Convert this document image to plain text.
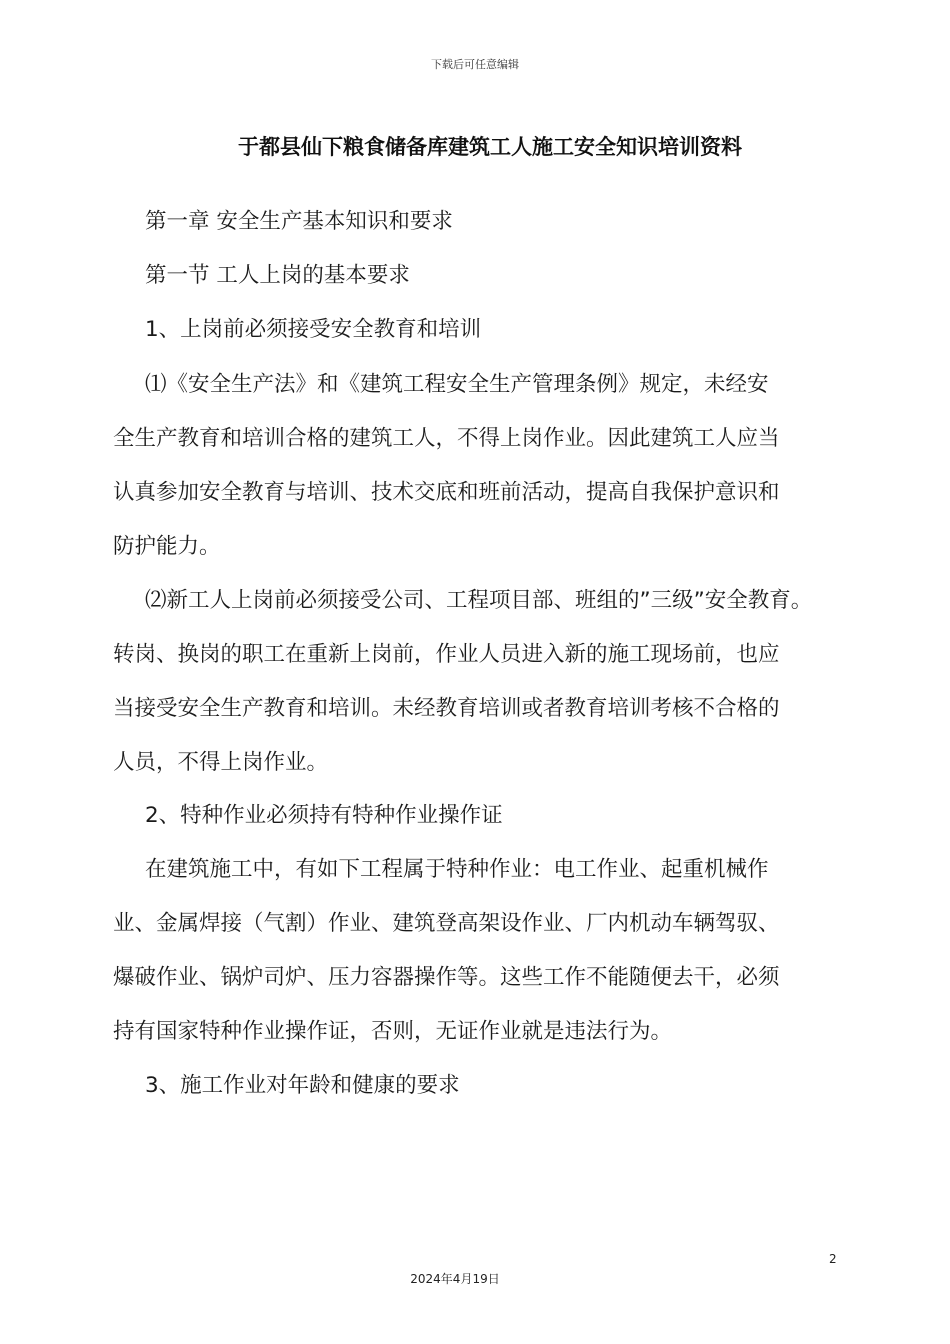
下载后可任意编辑
于都县仙下粮食储备库建筑工人施工安全知识培训资料
第一章 安全生产基本知识和要求
第一节 工人上岗的基本要求
1、上岗前必须接受安全教育和培训
⑴《安全生产法》和《建筑工程安全生产管理条例》规定，未经安
全生产教育和培训合格的建筑工人，不得上岗作业。因此建筑工人应当
认真参加安全教育与培训、技术交底和班前活动，提高自我保护意识和
防护能力。
⑵新工人上岗前必须接受公司、工程项目部、班组的”三级”安全教育。
转岗、换岗的职工在重新上岗前，作业人员进入新的施工现场前，也应
当接受安全生产教育和培训。未经教育培训或者教育培训考核不合格的
人员，不得上岗作业。
2、特种作业必须持有特种作业操作证
在建筑施工中，有如下工程属于特种作业：电工作业、起重机械作
业、金属焊接（气割）作业、建筑登高架设作业、厂内机动车辆驾驭、
爆破作业、锅炉司炉、压力容器操作等。这些工作不能随便去干，必须
持有国家特种作业操作证，否则，无证作业就是违法行为。
3、施工作业对年龄和健康的要求
2
2024年4月19日
